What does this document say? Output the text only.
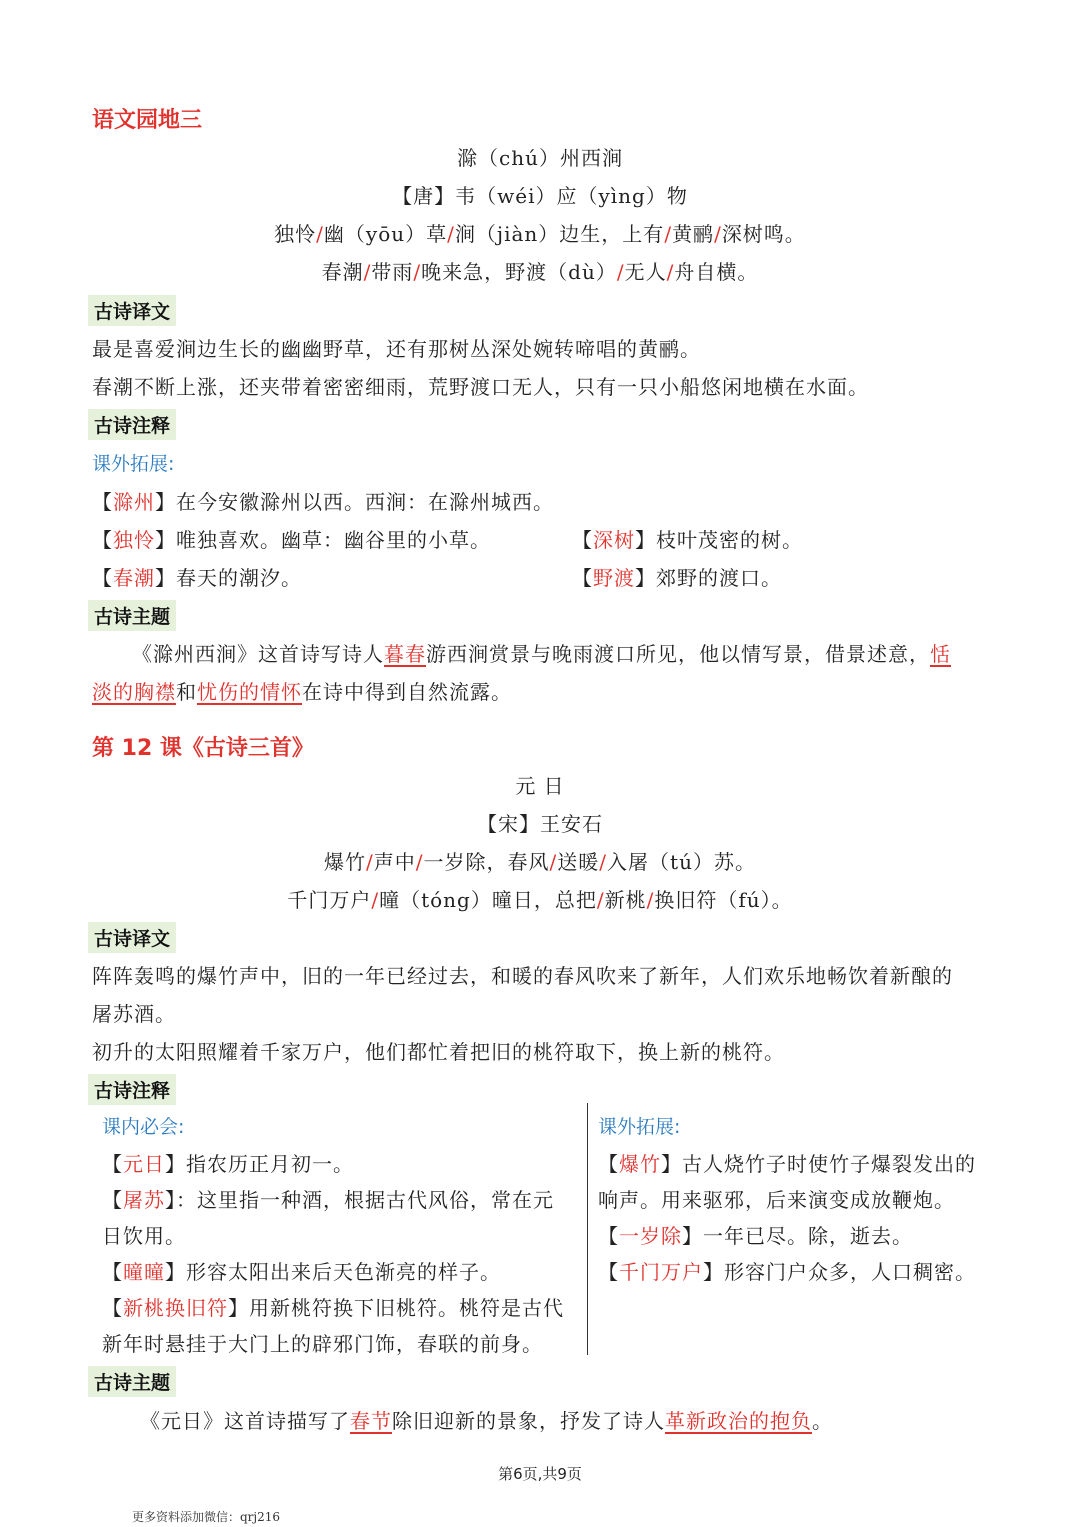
语文园地三
滁（chú）州西涧
【唐】韦（wéi）应（yìng）物
独怜/幽（yōu）草/涧（jiàn）边生，上有/黄鹂/深树鸣。
春潮/带雨/晚来急，野渡（dù）/无人/舟自横。
古诗译文
最是喜爱涧边生长的幽幽野草，还有那树丛深处婉转啼唱的黄鹂。
春潮不断上涨，还夹带着密密细雨，荒野渡口无人，只有一只小船悠闲地横在水面。
古诗注释
课外拓展:
【滁州】在今安徽滁州以西。西涧：在滁州城西。
【独怜】唯独喜欢。幽草：幽谷里的小草。	【深树】枝叶茂密的树。
【春潮】春天的潮汐。	【野渡】郊野的渡口。
古诗主题
《滁州西涧》这首诗写诗人暮春游西涧赏景与晚雨渡口所见，他以情写景，借景述意，恬
淡的胸襟和忧伤的情怀在诗中得到自然流露。
第 12 课《古诗三首》
元 日
【宋】王安石
爆竹/声中/一岁除，春风/送暖/入屠（tú）苏。
千门万户/曈（tóng）曈日，总把/新桃/换旧符（fú）。
古诗译文
阵阵轰鸣的爆竹声中，旧的一年已经过去，和暖的春风吹来了新年，人们欢乐地畅饮着新酿的
屠苏酒。
初升的太阳照耀着千家万户，他们都忙着把旧的桃符取下，换上新的桃符。
古诗注释
课内必会:	课外拓展:
【元日】指农历正月初一。
【屠苏】：这里指一种酒，根据古代风俗，常在元
日饮用。
【曈曈】形容太阳出来后天色渐亮的样子。
【新桃换旧符】用新桃符换下旧桃符。桃符是古代
新年时悬挂于大门上的辟邪门饰，春联的前身。
【爆竹】古人烧竹子时使竹子爆裂发出的
响声。用来驱邪，后来演变成放鞭炮。
【一岁除】一年已尽。除，逝去。
【千门万户】形容门户众多，人口稠密。
古诗主题
《元日》这首诗描写了春节除旧迎新的景象，抒发了诗人革新政治的抱负。
第6页,共9页
更多资料添加微信：qrj216
